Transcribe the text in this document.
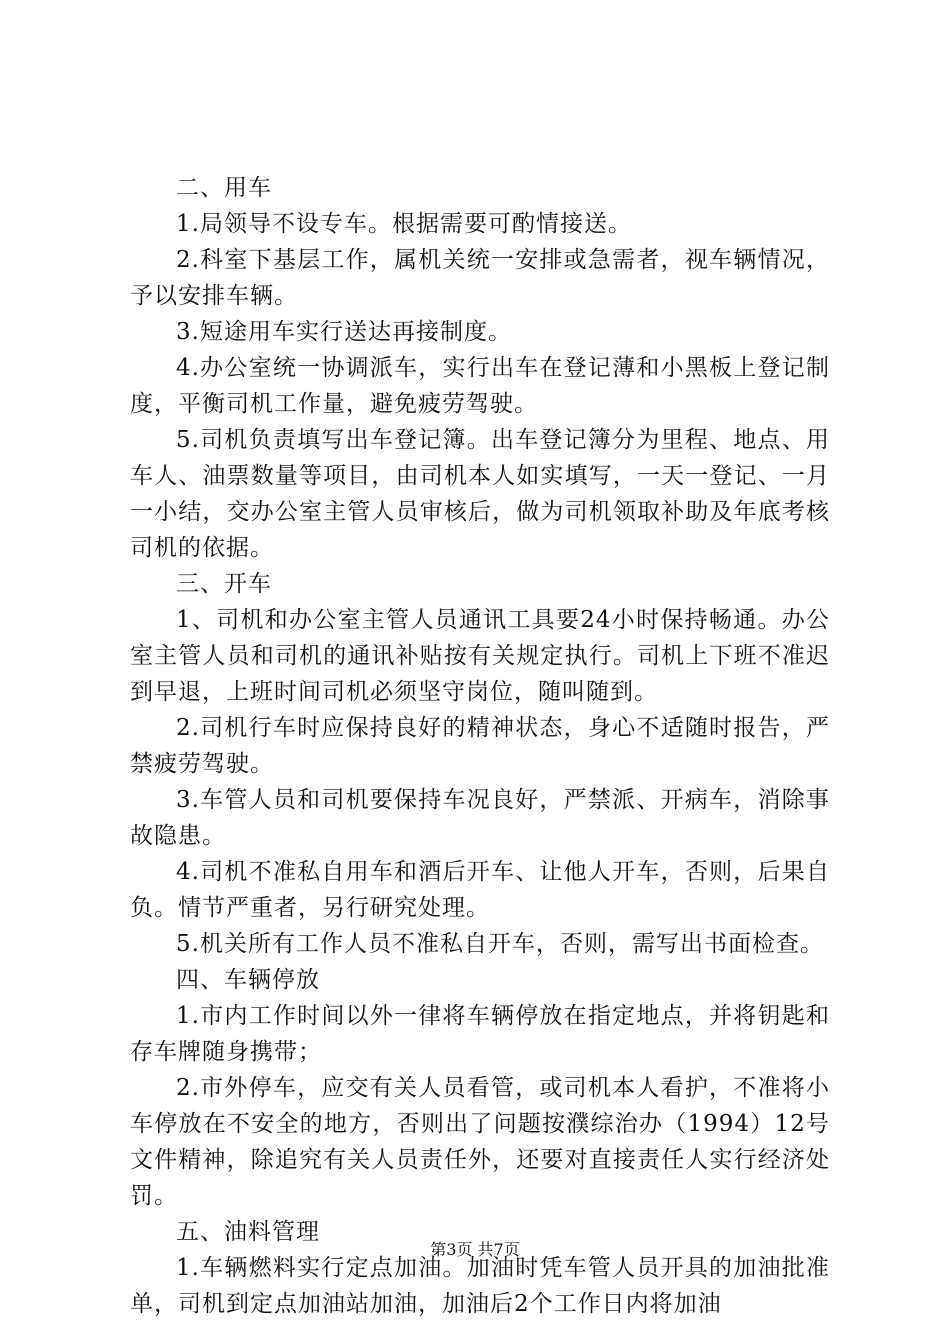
二、用车

1.局领导不设专车。根据需要可酌情接送。

2.科室下基层工作，属机关统一安排或急需者，视车辆情况，予以安排车辆。

3.短途用车实行送达再接制度。

4.办公室统一协调派车，实行出车在登记薄和小黑板上登记制度，平衡司机工作量，避免疲劳驾驶。

5.司机负责填写出车登记簿。出车登记簿分为里程、地点、用车人、油票数量等项目，由司机本人如实填写，一天一登记、一月一小结，交办公室主管人员审核后，做为司机领取补助及年底考核司机的依据。

三、开车

1、司机和办公室主管人员通讯工具要24小时保持畅通。办公室主管人员和司机的通讯补贴按有关规定执行。司机上下班不准迟到早退，上班时间司机必须坚守岗位，随叫随到。

2.司机行车时应保持良好的精神状态，身心不适随时报告，严禁疲劳驾驶。

3.车管人员和司机要保持车况良好，严禁派、开病车，消除事故隐患。

4.司机不准私自用车和酒后开车、让他人开车，否则，后果自负。情节严重者，另行研究处理。

5.机关所有工作人员不准私自开车，否则，需写出书面检查。

四、车辆停放

1.市内工作时间以外一律将车辆停放在指定地点，并将钥匙和存车牌随身携带；

2.市外停车，应交有关人员看管，或司机本人看护，不准将小车停放在不安全的地方，否则出了问题按濮综治办（1994）12号文件精神，除追究有关人员责任外，还要对直接责任人实行经济处罚。

五、油料管理

1.车辆燃料实行定点加油。加油时凭车管人员开具的加油批准单，司机到定点加油站加油，加油后2个工作日内将加油

第3页 共7页
